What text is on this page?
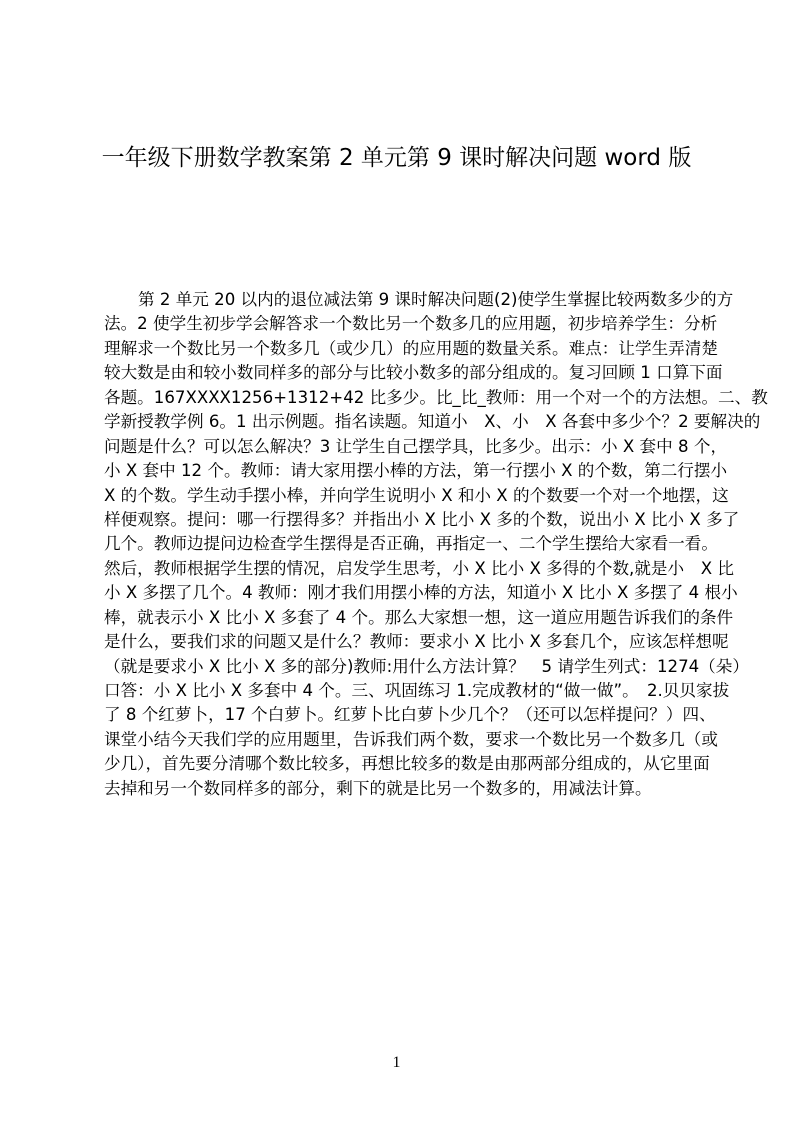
一年级下册数学教案第 2 单元第 9 课时解决问题 word 版
第 2 单元 20 以内的退位减法第 9 课时解决问题(2)使学生掌握比较两数多少的方
法。2 使学生初步学会解答求一个数比另一个数多几的应用题，初步培养学生：分析
理解求一个数比另一个数多几（或少几）的应用题的数量关系。难点：让学生弄清楚
较大数是由和较小数同样多的部分与比较小数多的部分组成的。复习回顾 1 口算下面
各题。167XXXX1256+1312+42 比多少。比_比_教师：用一个对一个的方法想。二、教
学新授教学例 6。1 出示例题。指名读题。知道小　X、小　X 各套中多少个？2 要解决的
问题是什么？可以怎么解决？3 让学生自己摆学具，比多少。出示：小 X 套中 8 个，
小 X 套中 12 个。教师：请大家用摆小棒的方法，第一行摆小 X 的个数，第二行摆小
X 的个数。学生动手摆小棒，并向学生说明小 X 和小 X 的个数要一个对一个地摆，这
样便观察。提问：哪一行摆得多？并指出小 X 比小 X 多的个数，说出小 X 比小 X 多了
几个。教师边提问边检查学生摆得是否正确，再指定一、二个学生摆给大家看一看。
然后，教师根据学生摆的情况，启发学生思考，小 X 比小 X 多得的个数,就是小　X 比
小 X 多摆了几个。4 教师：刚才我们用摆小棒的方法，知道小 X 比小 X 多摆了 4 根小
棒，就表示小 X 比小 X 多套了 4 个。那么大家想一想，这一道应用题告诉我们的条件
是什么，要我们求的问题又是什么？教师：要求小 X 比小 X 多套几个，应该怎样想呢
（就是要求小 X 比小 X 多的部分)教师:用什么方法计算？　5 请学生列式：1274（朵）
口答：小 X 比小 X 多套中 4 个。三、巩固练习 1.完成教材的“做一做”。　2.贝贝家拔
了 8 个红萝卜，17 个白萝卜。红萝卜比白萝卜少几个？（还可以怎样提问？）四、
课堂小结今天我们学的应用题里，告诉我们两个数，要求一个数比另一个数多几（或
少几），首先要分清哪个数比较多，再想比较多的数是由那两部分组成的，从它里面
去掉和另一个数同样多的部分，剩下的就是比另一个数多的，用减法计算。
1
